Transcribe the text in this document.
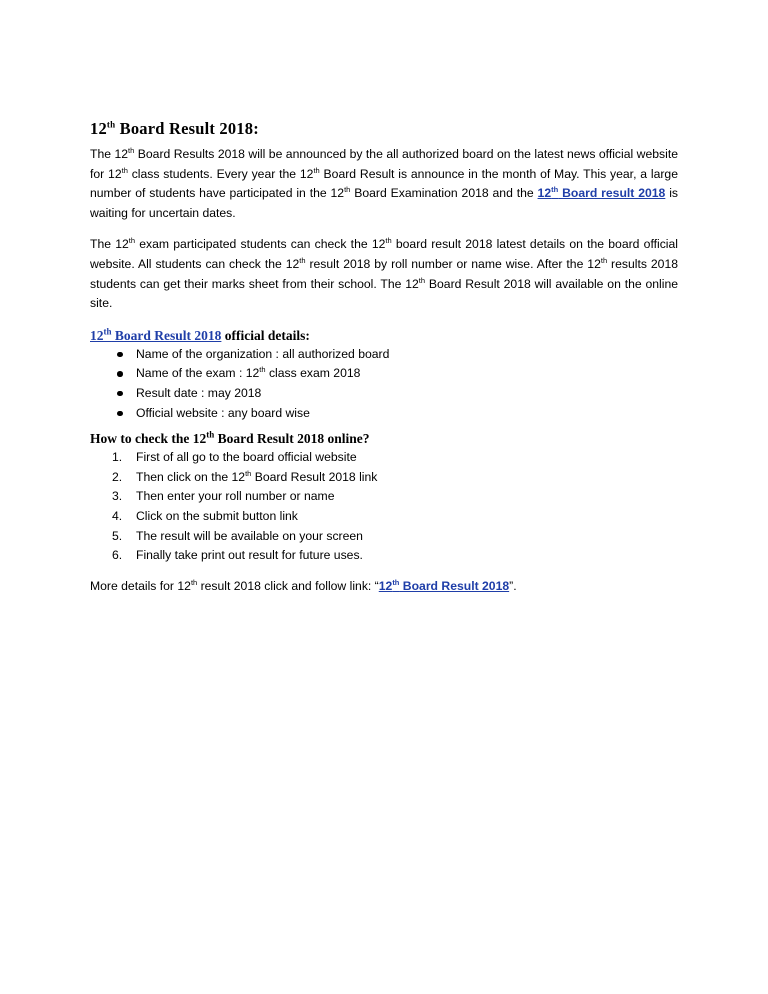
12th Board Result 2018:

The 12th Board Results 2018 will be announced by the all authorized board on the latest news official website for 12th class students. Every year the 12th Board Result is announce in the month of May. This year, a large number of students have participated in the 12th Board Examination 2018 and the 12th Board result 2018 is waiting for uncertain dates.

The 12th exam participated students can check the 12th board result 2018 latest details on the board official website. All students can check the 12th result 2018 by roll number or name wise. After the 12th results 2018 students can get their marks sheet from their school. The 12th Board Result 2018 will available on the online site.

12th Board Result 2018 official details:
Name of the organization : all authorized board
Name of the exam : 12th class exam 2018
Result date : may 2018
Official website : any board wise
How to check the 12th Board Result 2018 online?
1. First of all go to the board official website
2. Then click on the 12th Board Result 2018 link
3. Then enter your roll number or name
4. Click on the submit button link
5. The result will be available on your screen
6. Finally take print out result for future uses.

More details for 12th result 2018 click and follow link: “12th Board Result 2018”.
